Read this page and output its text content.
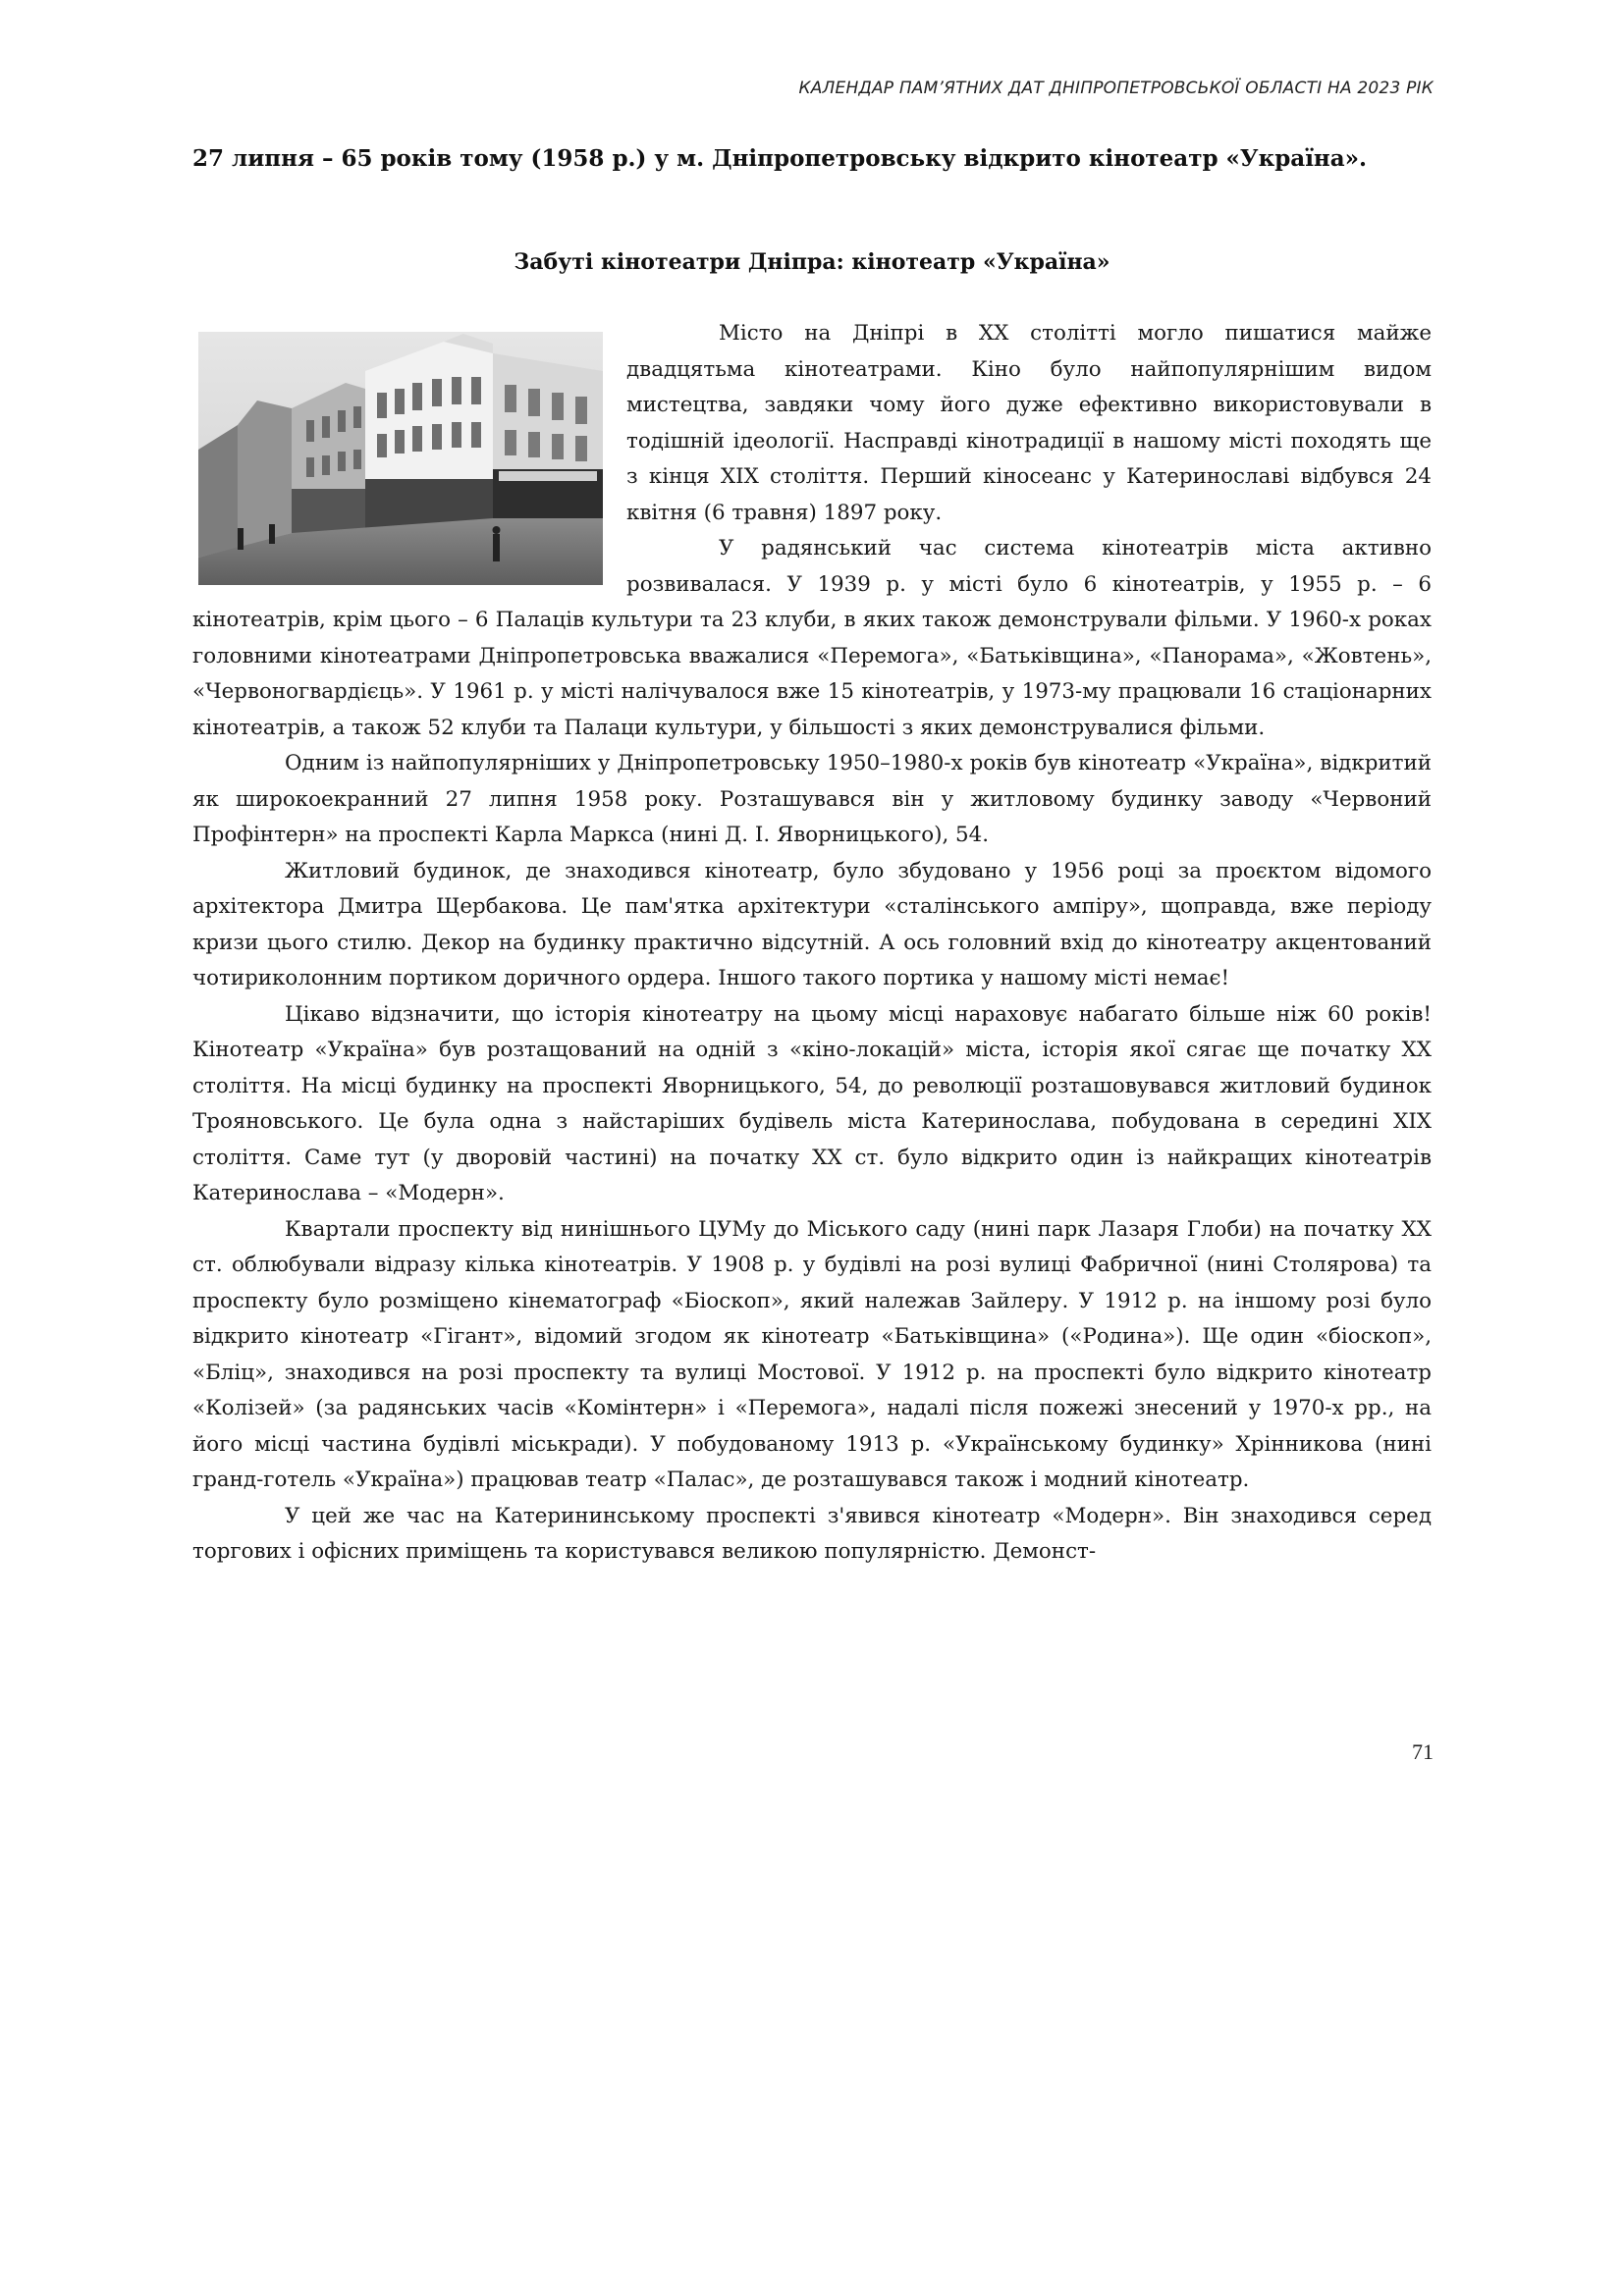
КАЛЕНДАР ПАМ’ЯТНИХ ДАТ ДНІПРОПЕТРОВСЬКОЇ ОБЛАСТІ НА 2023 РІК
27 липня – 65 років тому (1958 р.) у м. Дніпропетровську відкрито кінотеатр «Україна».
Забуті кінотеатри Дніпра: кінотеатр «Україна»

Місто на Дніпрі в ХХ столітті могло пишатися майже двадцятьма кінотеатрами. Кіно було найпопулярнішим видом мистецтва, завдяки чому його дуже ефективно використовували в тодішній ідеології. Насправді кінотрадиції в нашому місті походять ще з кінця ХІХ століття. Перший кіносеанс у Катеринославі відбувся 24 квітня (6 травня) 1897 року.

У радянський час система кінотеатрів міста активно розвивалася. У 1939 р. у місті було 6 кінотеатрів, у 1955 р. – 6 кінотеатрів, крім цього – 6 Палаців культури та 23 клуби, в яких також демонстрували фільми. У 1960-х роках головними кінотеатрами Дніпропетровська вважалися «Перемога», «Батьківщина», «Панорама», «Жовтень», «Червоногвардієць». У 1961 р. у місті налічувалося вже 15 кінотеатрів, у 1973-му працювали 16 стаціонарних кінотеатрів, а також 52 клуби та Палаци культури, у більшості з яких демонструвалися фільми.

Одним із найпопулярніших у Дніпропетровську 1950–1980-х років був кінотеатр «Україна», відкритий як широкоекранний 27 липня 1958 року. Розташувався він у житловому будинку заводу «Червоний Профінтерн» на проспекті Карла Маркса (нині Д. І. Яворницького), 54.

Житловий будинок, де знаходився кінотеатр, було збудовано у 1956 році за проєктом відомого архітектора Дмитра Щербакова. Це пам'ятка архітектури «сталінського ампіру», щоправда, вже періоду кризи цього стилю. Декор на будинку практично відсутній. А ось головний вхід до кінотеатру акцентований чотириколонним портиком доричного ордера. Іншого такого портика у нашому місті немає!

Цікаво відзначити, що історія кінотеатру на цьому місці нараховує набагато більше ніж 60 років! Кінотеатр «Україна» був розтащований на одній з «кіно-локацій» міста, історія якої сягає ще початку ХХ століття. На місці будинку на проспекті Яворницького, 54, до революції розташовувався житловий будинок Трояновського. Це була одна з найстаріших будівель міста Катеринослава, побудована в середині XIX століття. Саме тут (у дворовій частині) на початку ХХ ст. було відкрито один із найкращих кінотеатрів Катеринослава – «Модерн».

Квартали проспекту від нинішнього ЦУМу до Міського саду (нині парк Лазаря Глоби) на початку ХХ ст. облюбували відразу кілька кінотеатрів. У 1908 р. у будівлі на розі вулиці Фабричної (нині Столярова) та проспекту було розміщено кінематограф «Біоскоп», який належав Зайлеру. У 1912 р. на іншому розі було відкрито кінотеатр «Гігант», відомий згодом як кінотеатр «Батьківщина» («Родина»). Ще один «біоскоп», «Бліц», знаходився на розі проспекту та вулиці Мостової. У 1912 р. на проспекті було відкрито кінотеатр «Колізей» (за радянських часів «Комінтерн» і «Перемога», надалі після пожежі знесений у 1970-х рр., на його місці частина будівлі міськради). У побудованому 1913 р. «Українському будинку» Хрінникова (нині гранд-готель «Україна») працював театр «Палас», де розташувався також і модний кінотеатр.

У цей же час на Катерининському проспекті з'явився кінотеатр «Модерн». Він знаходився серед торгових і офісних приміщень та користувався великою популярністю. Демонст-

71
